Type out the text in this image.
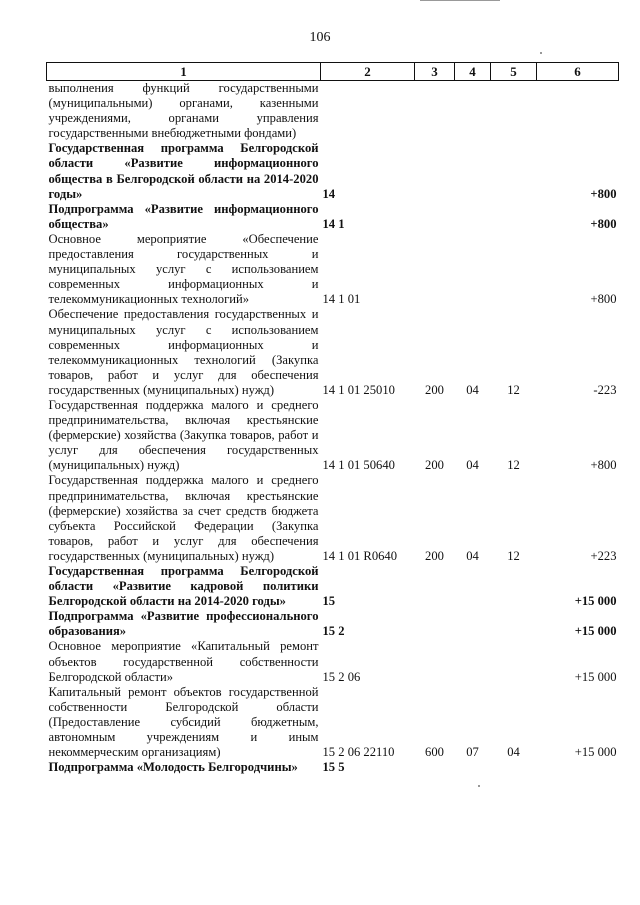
106
1	2	3	4	5	6
выполнения функций государственными (муниципальными) органами, казенными учреждениями, органами управления государственными внебюджетными фондами)					
Государственная программа Белгородской области «Развитие информационного общества в Белгородской области на 2014-2020 годы»	14				+800
Подпрограмма «Развитие информационного общества»	14 1				+800
Основное мероприятие «Обеспечение предоставления государственных и муниципальных услуг с использованием современных информационных и телекоммуникационных технологий»	14 1 01				+800
Обеспечение предоставления государственных и муниципальных услуг с использованием современных информационных и телекоммуникационных технологий (Закупка товаров, работ и услуг для обеспечения государственных (муниципальных) нужд)	14 1 01 25010	200	04	12	-223
Государственная поддержка малого и среднего предпринимательства, включая крестьянские (фермерские) хозяйства (Закупка товаров, работ и услуг для обеспечения государственных (муниципальных) нужд)	14 1 01 50640	200	04	12	+800
Государственная поддержка малого и среднего предпринимательства, включая крестьянские (фермерские) хозяйства за счет средств бюджета субъекта Российской Федерации (Закупка товаров, работ и услуг для обеспечения государственных (муниципальных) нужд)	14 1 01 R0640	200	04	12	+223
Государственная программа Белгородской области «Развитие кадровой политики Белгородской области на 2014-2020 годы»	15				+15 000
Подпрограмма «Развитие профессионального образования»	15 2				+15 000
Основное мероприятие «Капитальный ремонт объектов государственной собственности Белгородской области»	15 2 06				+15 000
Капитальный ремонт объектов государственной собственности Белгородской области (Предоставление субсидий бюджетным, автономным учреждениям и иным некоммерческим организациям)	15 2 06 22110	600	07	04	+15 000
Подпрограмма «Молодость Белгородчины»	15 5				
